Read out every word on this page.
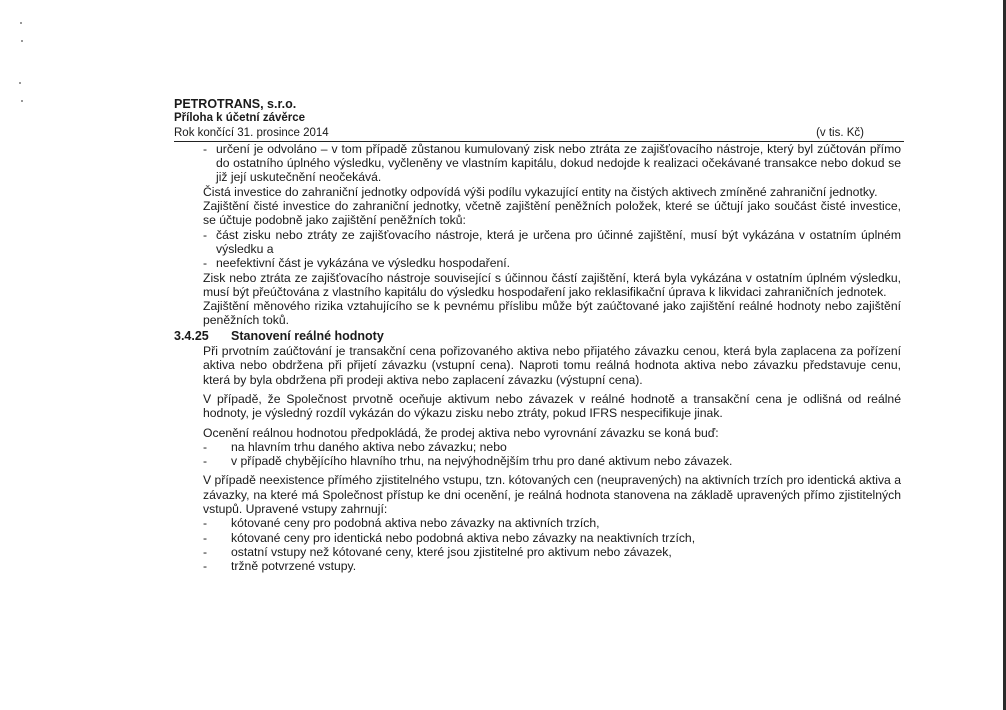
PETROTRANS, s.r.o.
Příloha k účetní závěrce
Rok končící 31. prosince 2014	(v tis. Kč)
- určení je odvoláno – v tom případě zůstanou kumulovaný zisk nebo ztráta ze zajišťovacího nástroje, který byl zúčtován přímo do ostatního úplného výsledku, vyčleněny ve vlastním kapitálu, dokud nedojde k realizaci očekávané transakce nebo dokud se již její uskutečnění neočekává.

Čistá investice do zahraniční jednotky odpovídá výši podílu vykazující entity na čistých aktivech zmíněné zahraniční jednotky.

Zajištění čisté investice do zahraniční jednotky, včetně zajištění peněžních položek, které se účtují jako součást čisté investice, se účtuje podobně jako zajištění peněžních toků:

- část zisku nebo ztráty ze zajišťovacího nástroje, která je určena pro účinné zajištění, musí být vykázána v ostatním úplném výsledku a
- neefektivní část je vykázána ve výsledku hospodaření.

Zisk nebo ztráta ze zajišťovacího nástroje související s účinnou částí zajištění, která byla vykázána v ostatním úplném výsledku, musí být přeúčtována z vlastního kapitálu do výsledku hospodaření jako reklasifikační úprava k likvidaci zahraničních jednotek.

Zajištění měnového rizika vztahujícího se k pevnému příslibu může být zaúčtované jako zajištění reálné hodnoty nebo zajištění peněžních toků.

3.4.25	Stanovení reálné hodnoty

Při prvotním zaúčtování je transakční cena pořizovaného aktiva nebo přijatého závazku cenou, která byla zaplacena za pořízení aktiva nebo obdržena při přijetí závazku (vstupní cena). Naproti tomu reálná hodnota aktiva nebo závazku představuje cenu, která by byla obdržena při prodeji aktiva nebo zaplacení závazku (výstupní cena).

V případě, že Společnost prvotně oceňuje aktivum nebo závazek v reálné hodnotě a transakční cena je odlišná od reálné hodnoty, je výsledný rozdíl vykázán do výkazu zisku nebo ztráty, pokud IFRS nespecifikuje jinak.

Ocenění reálnou hodnotou předpokládá, že prodej aktiva nebo vyrovnání závazku se koná buď:

-	na hlavním trhu daného aktiva nebo závazku; nebo
-	v případě chybějícího hlavního trhu, na nejvýhodnějším trhu pro dané aktivum nebo závazek.

V případě neexistence přímého zjistitelného vstupu, tzn. kótovaných cen (neupravených) na aktivních trzích pro identická aktiva a závazky, na které má Společnost přístup ke dni ocenění, je reálná hodnota stanovena na základě upravených přímo zjistitelných vstupů. Upravené vstupy zahrnují:

-	kótované ceny pro podobná aktiva nebo závazky na aktivních trzích,
-	kótované ceny pro identická nebo podobná aktiva nebo závazky na neaktivních trzích,
-	ostatní vstupy než kótované ceny, které jsou zjistitelné pro aktivum nebo závazek,
-	tržně potvrzené vstupy.
